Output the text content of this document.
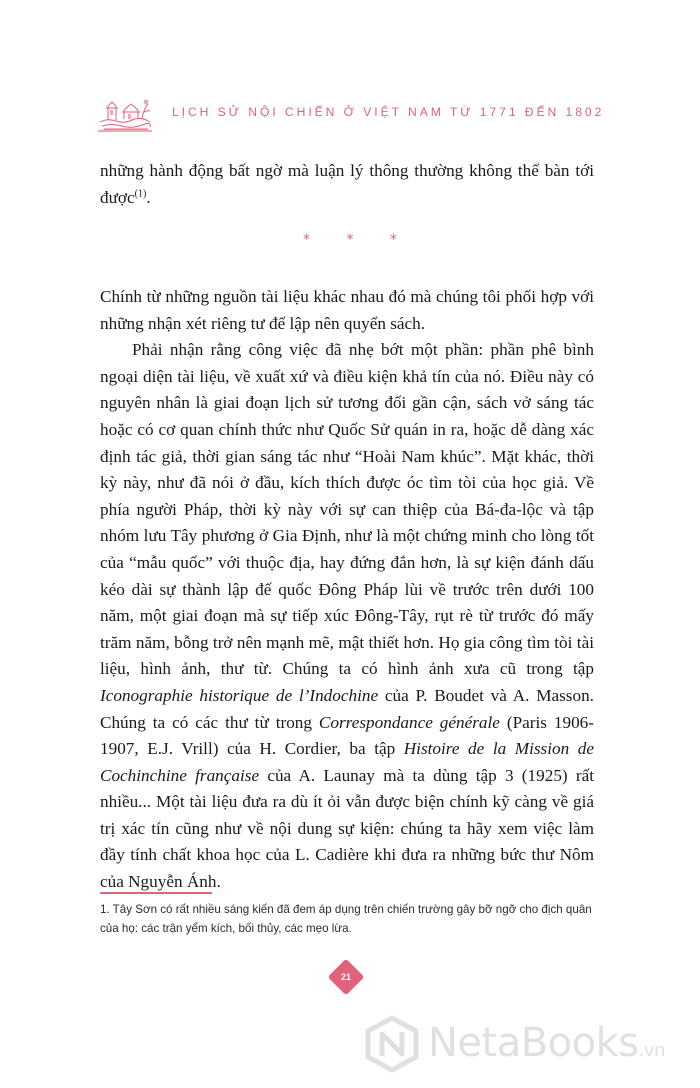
LỊCH SỬ NỘI CHIẾN Ở VIỆT NAM TỪ 1771 ĐẾN 1802

những hành động bất ngờ mà luận lý thông thường không thể bàn tới được$^{(1)}$.

* * *

Chính từ những nguồn tài liệu khác nhau đó mà chúng tôi phối hợp với những nhận xét riêng tư để lập nên quyển sách.

Phải nhận rằng công việc đã nhẹ bớt một phần: phần phê bình ngoại diện tài liệu, về xuất xứ và điều kiện khả tín của nó. Điều này có nguyên nhân là giai đoạn lịch sử tương đối gần cận, sách vở sáng tác hoặc có cơ quan chính thức như Quốc Sử quán in ra, hoặc dễ dàng xác định tác giả, thời gian sáng tác như “Hoài Nam khúc”. Mặt khác, thời kỳ này, như đã nói ở đầu, kích thích được óc tìm tòi của học giả. Về phía người Pháp, thời kỳ này với sự can thiệp của Bá-đa-lộc và tập nhóm lưu Tây phương ở Gia Định, như là một chứng minh cho lòng tốt của “mẫu quốc” với thuộc địa, hay đứng đắn hơn, là sự kiện đánh dấu kéo dài sự thành lập đế quốc Đông Pháp lùi về trước trên dưới 100 năm, một giai đoạn mà sự tiếp xúc Đông-Tây, rụt rè từ trước đó mấy trăm năm, bỗng trở nên mạnh mẽ, mật thiết hơn. Họ gia công tìm tòi tài liệu, hình ảnh, thư từ. Chúng ta có hình ảnh xưa cũ trong tập Iconographie historique de l’Indochine của P. Boudet và A. Masson. Chúng ta có các thư từ trong Correspondance générale (Paris 1906-1907, E.J. Vrill) của H. Cordier, ba tập Histoire de la Mission de Cochinchine française của A. Launay mà ta dùng tập 3 (1925) rất nhiều... Một tài liệu đưa ra dù ít ỏi vẫn được biện chính kỹ càng về giá trị xác tín cũng như về nội dung sự kiện: chúng ta hãy xem việc làm đầy tính chất khoa học của L. Cadière khi đưa ra những bức thư Nôm của Nguyễn Ánh.

1. Tây Sơn có rất nhiều sáng kiến đã đem áp dụng trên chiến trường gây bỡ ngỡ cho địch quân của họ: các trận yểm kích, bối thủy, các mẹo lừa.
21
NetaBooks.vn
